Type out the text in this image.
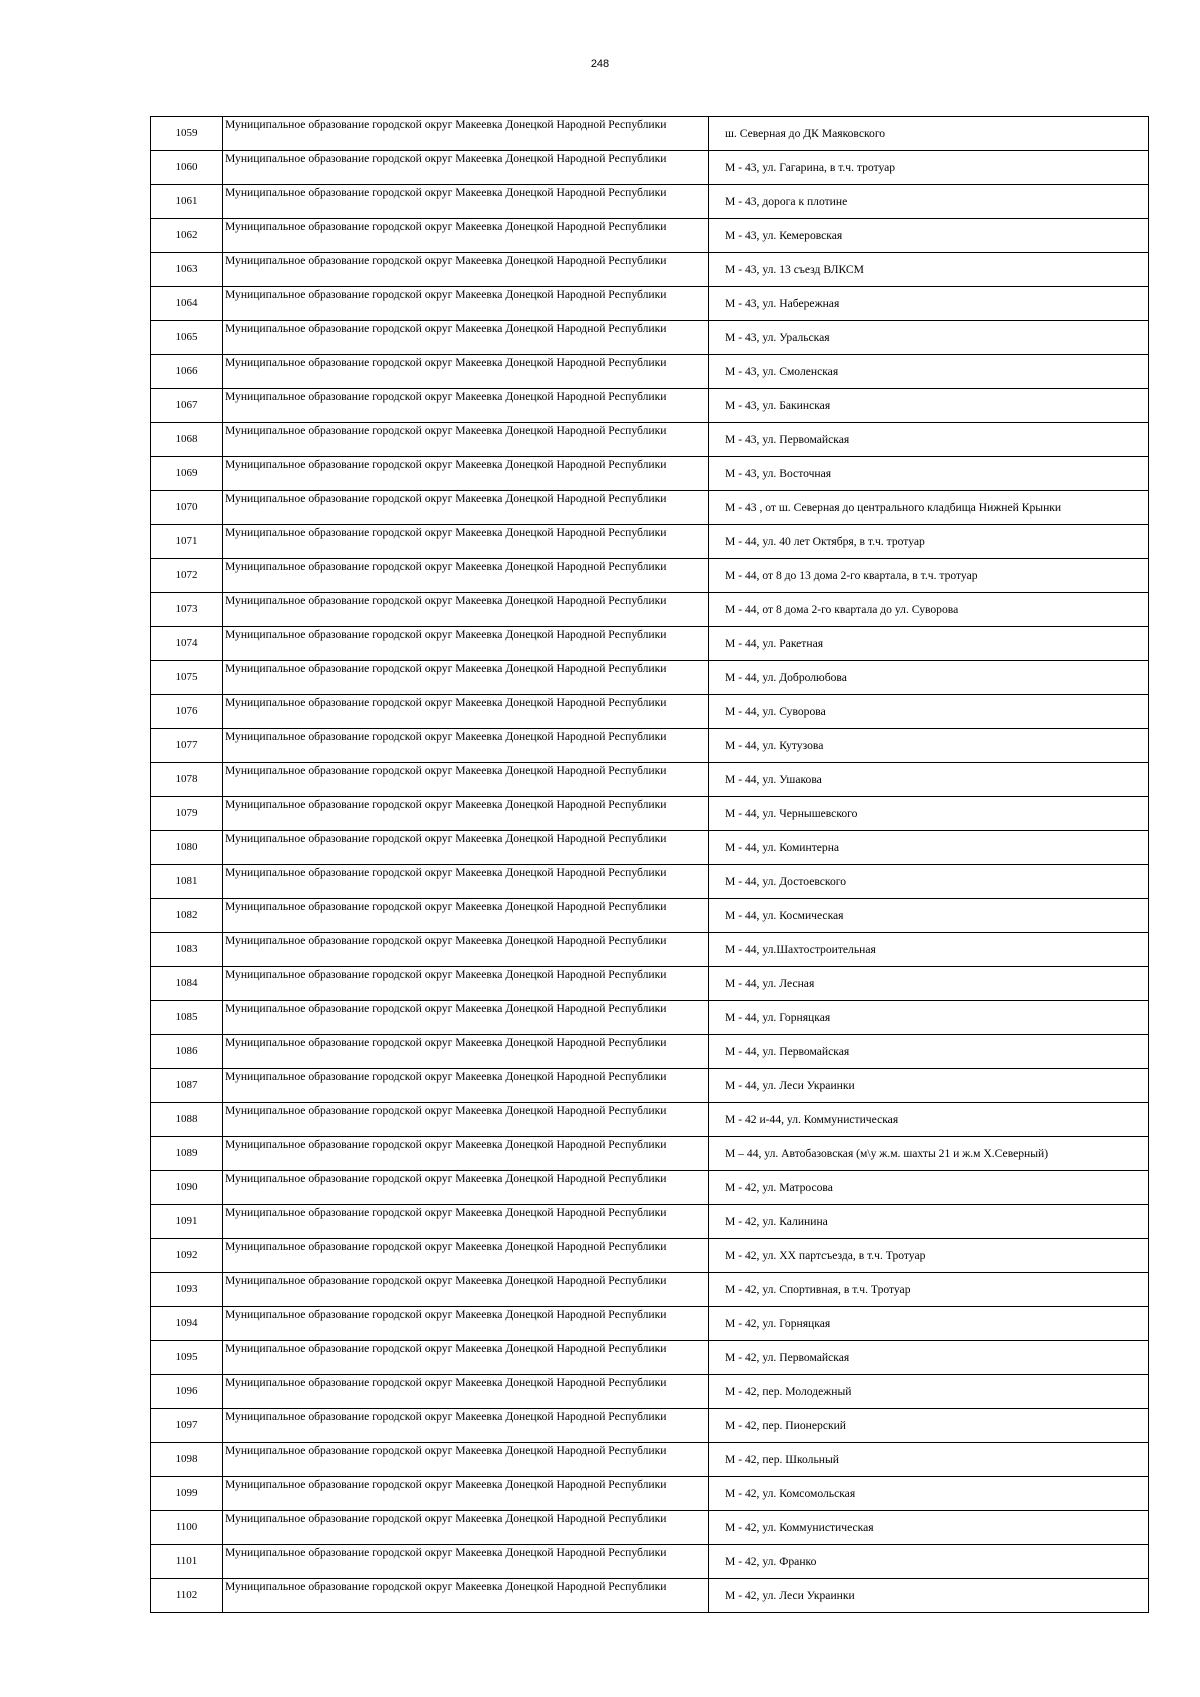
248
1059	Муниципальное образование городской округ Макеевка Донецкой Народной Республики	ш. Северная до ДК Маяковского
1060	Муниципальное образование городской округ Макеевка Донецкой Народной Республики	М - 43, ул. Гагарина, в т.ч. тротуар
1061	Муниципальное образование городской округ Макеевка Донецкой Народной Республики	М - 43, дорога к плотине
1062	Муниципальное образование городской округ Макеевка Донецкой Народной Республики	М - 43, ул. Кемеровская
1063	Муниципальное образование городской округ Макеевка Донецкой Народной Республики	М - 43, ул. 13 съезд ВЛКСМ
1064	Муниципальное образование городской округ Макеевка Донецкой Народной Республики	М - 43, ул. Набережная
1065	Муниципальное образование городской округ Макеевка Донецкой Народной Республики	М - 43, ул. Уральская
1066	Муниципальное образование городской округ Макеевка Донецкой Народной Республики	М - 43, ул. Смоленская
1067	Муниципальное образование городской округ Макеевка Донецкой Народной Республики	М - 43, ул. Бакинская
1068	Муниципальное образование городской округ Макеевка Донецкой Народной Республики	М - 43, ул. Первомайская
1069	Муниципальное образование городской округ Макеевка Донецкой Народной Республики	М - 43, ул. Восточная
1070	Муниципальное образование городской округ Макеевка Донецкой Народной Республики	М - 43 , от ш. Северная до центрального кладбища Нижней Крынки
1071	Муниципальное образование городской округ Макеевка Донецкой Народной Республики	М - 44, ул. 40 лет Октября, в т.ч. тротуар
1072	Муниципальное образование городской округ Макеевка Донецкой Народной Республики	М - 44, от 8 до 13 дома 2-го квартала, в т.ч. тротуар
1073	Муниципальное образование городской округ Макеевка Донецкой Народной Республики	М - 44, от 8 дома 2-го квартала до ул. Суворова
1074	Муниципальное образование городской округ Макеевка Донецкой Народной Республики	М - 44, ул. Ракетная
1075	Муниципальное образование городской округ Макеевка Донецкой Народной Республики	М - 44, ул. Добролюбова
1076	Муниципальное образование городской округ Макеевка Донецкой Народной Республики	М - 44, ул. Суворова
1077	Муниципальное образование городской округ Макеевка Донецкой Народной Республики	М - 44, ул. Кутузова
1078	Муниципальное образование городской округ Макеевка Донецкой Народной Республики	М - 44, ул. Ушакова
1079	Муниципальное образование городской округ Макеевка Донецкой Народной Республики	М - 44, ул. Чернышевского
1080	Муниципальное образование городской округ Макеевка Донецкой Народной Республики	М - 44, ул. Коминтерна
1081	Муниципальное образование городской округ Макеевка Донецкой Народной Республики	М - 44, ул. Достоевского
1082	Муниципальное образование городской округ Макеевка Донецкой Народной Республики	М - 44, ул. Космическая
1083	Муниципальное образование городской округ Макеевка Донецкой Народной Республики	М - 44, ул.Шахтостроительная
1084	Муниципальное образование городской округ Макеевка Донецкой Народной Республики	М - 44, ул. Лесная
1085	Муниципальное образование городской округ Макеевка Донецкой Народной Республики	М - 44, ул. Горняцкая
1086	Муниципальное образование городской округ Макеевка Донецкой Народной Республики	М - 44, ул. Первомайская
1087	Муниципальное образование городской округ Макеевка Донецкой Народной Республики	М - 44, ул. Леси Украинки
1088	Муниципальное образование городской округ Макеевка Донецкой Народной Республики	М - 42 и-44, ул. Коммунистическая
1089	Муниципальное образование городской округ Макеевка Донецкой Народной Республики	М – 44, ул. Автобазовская (м\у ж.м. шахты 21 и ж.м Х.Северный)
1090	Муниципальное образование городской округ Макеевка Донецкой Народной Республики	М - 42, ул. Матросова
1091	Муниципальное образование городской округ Макеевка Донецкой Народной Республики	М - 42, ул. Калинина
1092	Муниципальное образование городской округ Макеевка Донецкой Народной Республики	М - 42, ул. XX партсъезда, в т.ч. Тротуар
1093	Муниципальное образование городской округ Макеевка Донецкой Народной Республики	М - 42, ул. Спортивная, в т.ч. Тротуар
1094	Муниципальное образование городской округ Макеевка Донецкой Народной Республики	М - 42, ул. Горняцкая
1095	Муниципальное образование городской округ Макеевка Донецкой Народной Республики	М - 42, ул. Первомайская
1096	Муниципальное образование городской округ Макеевка Донецкой Народной Республики	М - 42, пер. Молодежный
1097	Муниципальное образование городской округ Макеевка Донецкой Народной Республики	М - 42, пер. Пионерский
1098	Муниципальное образование городской округ Макеевка Донецкой Народной Республики	М - 42, пер. Школьный
1099	Муниципальное образование городской округ Макеевка Донецкой Народной Республики	М - 42, ул. Комсомольская
1100	Муниципальное образование городской округ Макеевка Донецкой Народной Республики	М - 42, ул. Коммунистическая
1101	Муниципальное образование городской округ Макеевка Донецкой Народной Республики	М - 42, ул. Франко
1102	Муниципальное образование городской округ Макеевка Донецкой Народной Республики	М - 42, ул. Леси Украинки
